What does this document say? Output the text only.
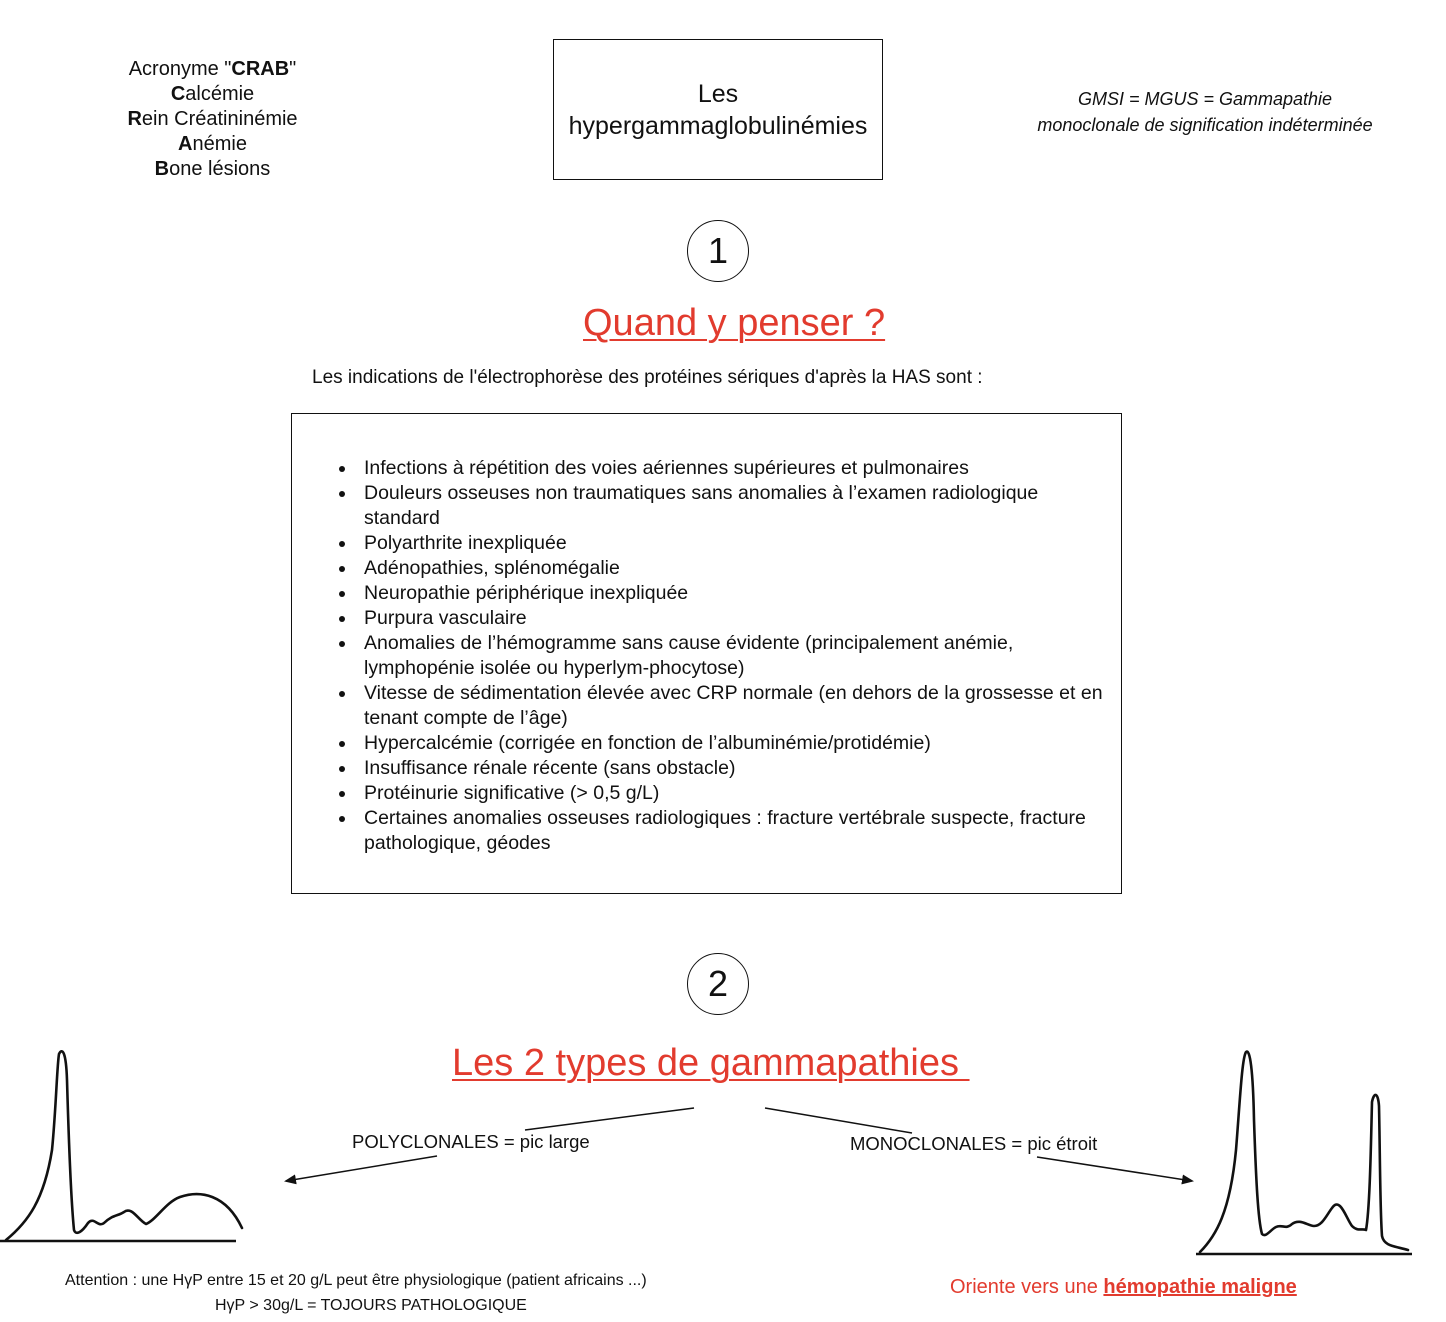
Acronyme "CRAB"
Calcémie
Rein Créatininémie
Anémie
Bone lésions
Les
hypergammaglobulinémies
GMSI = MGUS = Gammapathie
monoclonale de signification indéterminée
1
Quand y penser ?
Les indications de l'électrophorèse des protéines sériques d'après la HAS sont :
Infections à répétition des voies aériennes supérieures et pulmonaires
Douleurs osseuses non traumatiques sans anomalies à l’examen radiologique standard
Polyarthrite inexpliquée
Adénopathies, splénomégalie
Neuropathie périphérique inexpliquée
Purpura vasculaire
Anomalies de l’hémogramme sans cause évidente (principalement anémie, lymphopénie isolée ou hyperlym-phocytose)
Vitesse de sédimentation élevée avec CRP normale (en dehors de la grossesse et en tenant compte de l’âge)
Hypercalcémie (corrigée en fonction de l’albuminémie/protidémie)
Insuffisance rénale récente (sans obstacle)
Protéinurie significative (˃ 0,5 g/L)
Certaines anomalies osseuses radiologiques : fracture vertébrale suspecte, fracture pathologique, géodes
2
Les 2 types de gammapathies
POLYCLONALES = pic large	MONOCLONALES = pic étroit
Attention : une HγP entre 15 et 20 g/L peut être physiologique (patient africains ...)
HγP > 30g/L = TOJOURS PATHOLOGIQUE
Oriente vers une hémopathie maligne
